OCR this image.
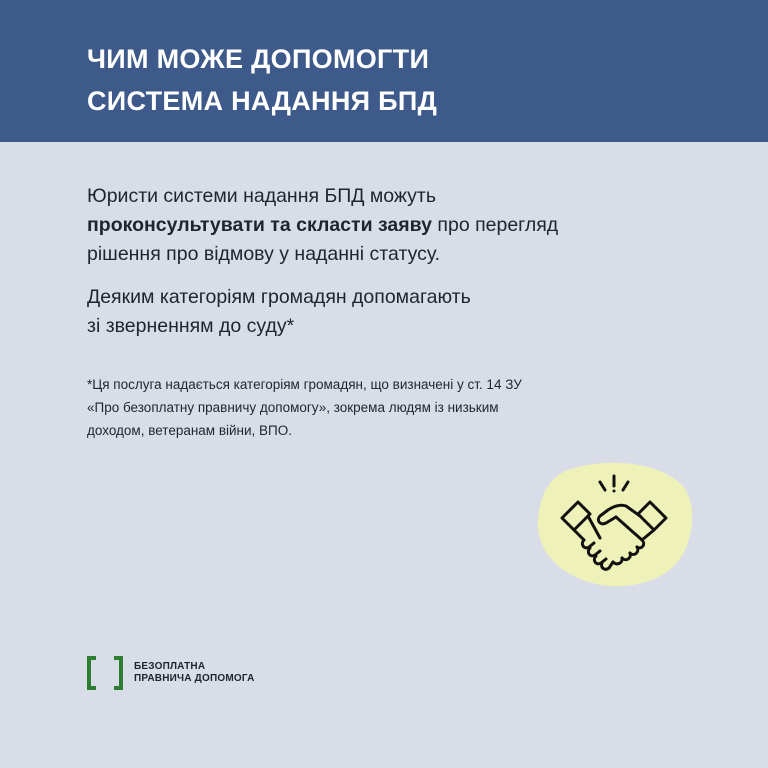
ЧИМ МОЖЕ ДОПОМОГТИ
СИСТЕМА НАДАННЯ БПД

Юристи системи надання БПД можуть
проконсультувати та скласти заяву про перегляд
рішення про відмову у наданні статусу.

Деяким категоріям громадян допомагають
зі зверненням до суду*

*Ця послуга надається категоріям громадян, що визначені у ст. 14 ЗУ
«Про безоплатну правничу допомогу», зокрема людям із низьким
доходом, ветеранам війни, ВПО.
БЕЗОПЛАТНА
ПРАВНИЧА ДОПОМОГА
